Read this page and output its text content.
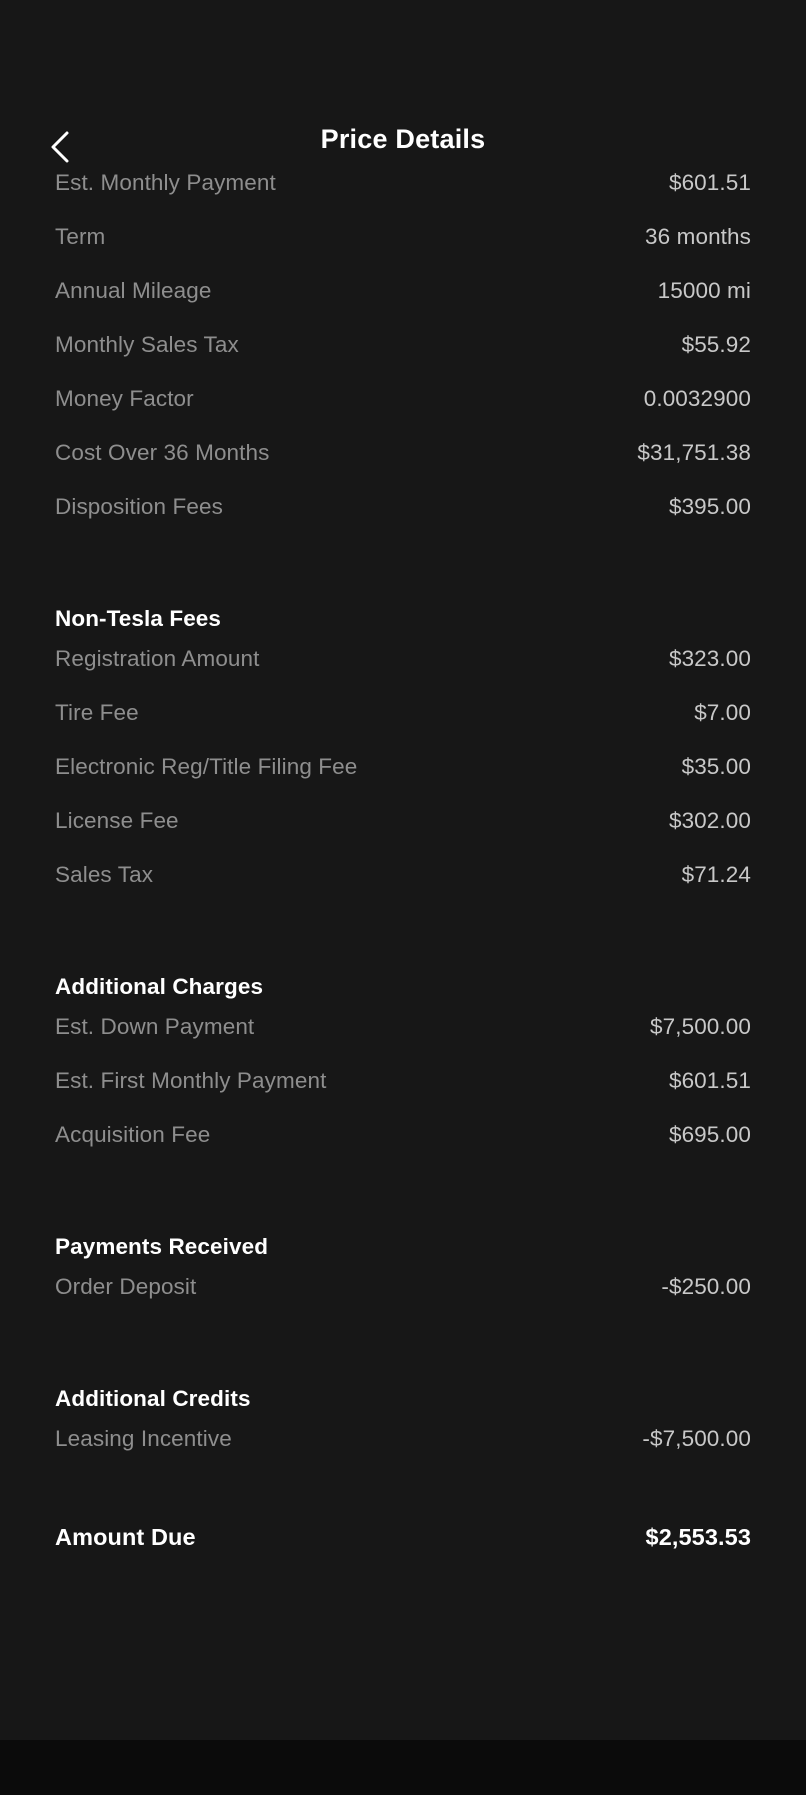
Price Details
Est. Monthly Payment	$601.51
Term	36 months
Annual Mileage	15000 mi
Monthly Sales Tax	$55.92
Money Factor	0.0032900
Cost Over 36 Months	$31,751.38
Disposition Fees	$395.00
Non-Tesla Fees
Registration Amount	$323.00
Tire Fee	$7.00
Electronic Reg/Title Filing Fee	$35.00
License Fee	$302.00
Sales Tax	$71.24
Additional Charges
Est. Down Payment	$7,500.00
Est. First Monthly Payment	$601.51
Acquisition Fee	$695.00
Payments Received
Order Deposit	-$250.00
Additional Credits
Leasing Incentive	-$7,500.00
Amount Due	$2,553.53
